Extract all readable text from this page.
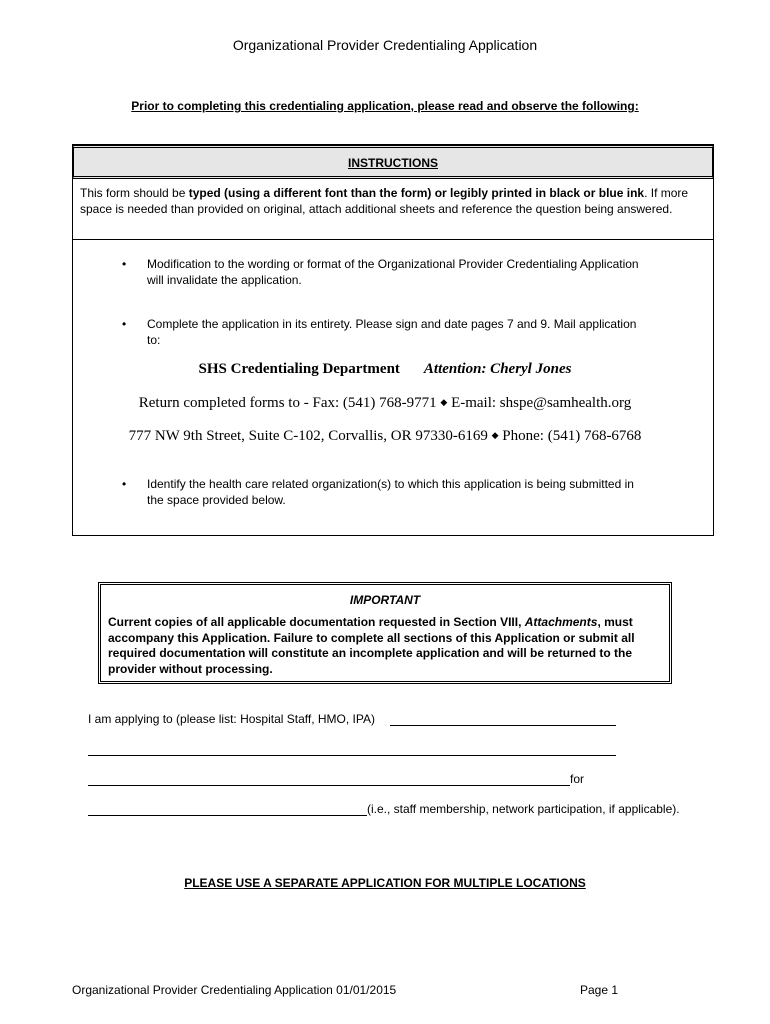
Organizational Provider Credentialing Application
Prior to completing this credentialing application, please read and observe the following:
INSTRUCTIONS
This form should be typed (using a different font than the form) or legibly printed in black or blue ink. If more space is needed than provided on original, attach additional sheets and reference the question being answered.
• Modification to the wording or format of the Organizational Provider Credentialing Application will invalidate the application.
• Complete the application in its entirety. Please sign and date pages 7 and 9. Mail application to:
• Identify the health care related organization(s) to which this application is being submitted in the space provided below.
SHS Credentialing Department Attention: Cheryl Jones
Return completed forms to - Fax: (541) 768-9771 ◆ E-mail: shspe@samhealth.org
777 NW 9th Street, Suite C-102, Corvallis, OR 97330-6169 ◆ Phone: (541) 768-6768
IMPORTANT
Current copies of all applicable documentation requested in Section VIII, Attachments, must accompany this Application. Failure to complete all sections of this Application or submit all required documentation will constitute an incomplete application and will be returned to the provider without processing.
I am applying to (please list: Hospital Staff, HMO, IPA)
for
(i.e., staff membership, network participation, if applicable).
PLEASE USE A SEPARATE APPLICATION FOR MULTIPLE LOCATIONS
Organizational Provider Credentialing Application 01/01/2015	Page 1
